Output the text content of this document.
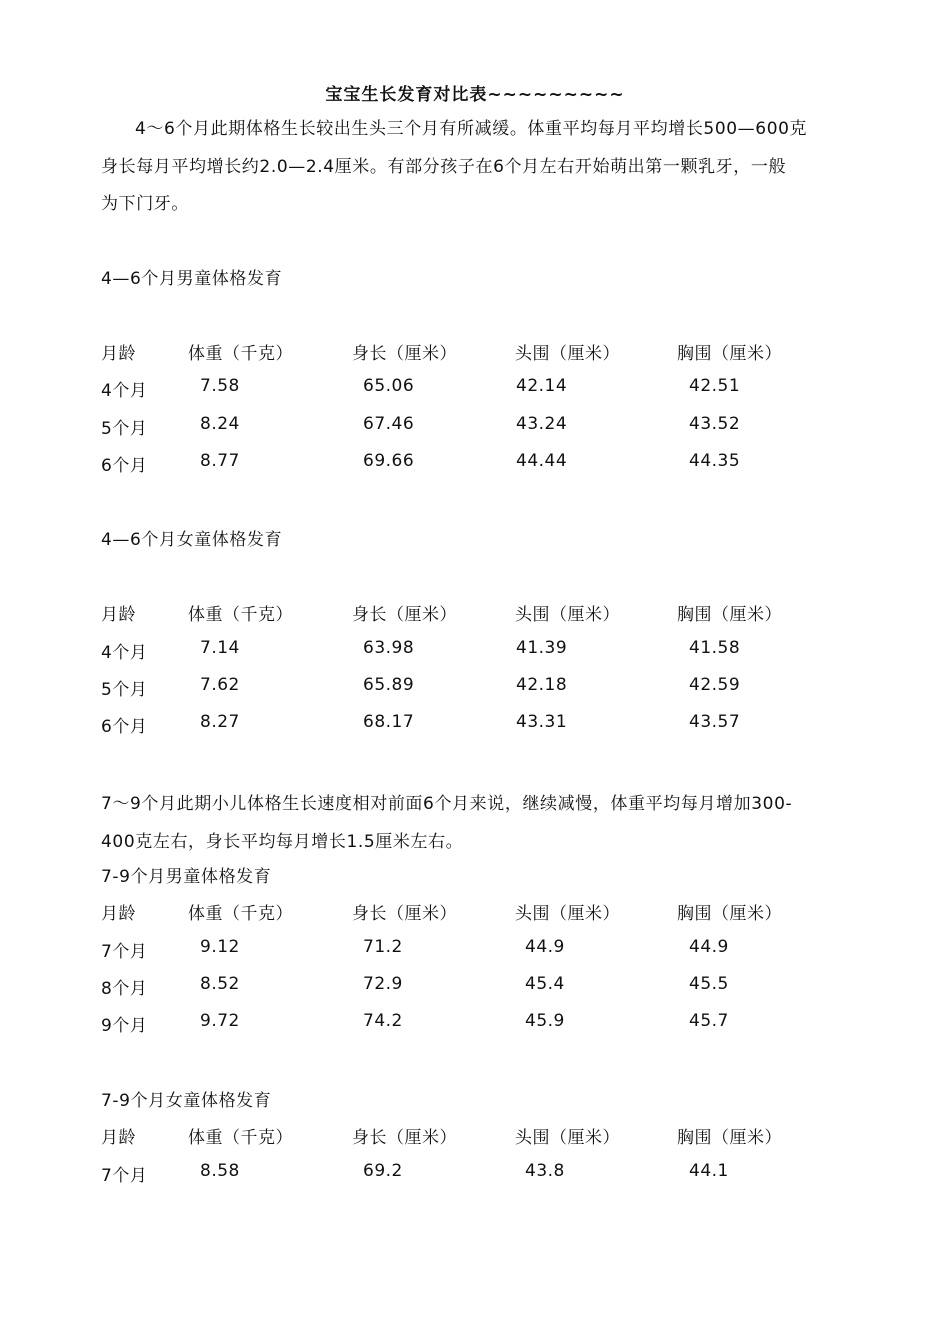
宝宝生长发育对比表~~~~~~~~~
4～6个月此期体格生长较出生头三个月有所减缓。体重平均每月平均增长500—600克
身长每月平均增长约2.0—2.4厘米。有部分孩子在6个月左右开始萌出第一颗乳牙，一般
为下门牙。
4—6个月男童体格发育
月龄	体重（千克）	身长（厘米）	头围（厘米）	胸围（厘米）
4个月	7.58	65.06	42.14	42.51
5个月	8.24	67.46	43.24	43.52
6个月	8.77	69.66	44.44	44.35
4—6个月女童体格发育
月龄	体重（千克）	身长（厘米）	头围（厘米）	胸围（厘米）
4个月	7.14	63.98	41.39	41.58
5个月	7.62	65.89	42.18	42.59
6个月	8.27	68.17	43.31	43.57
7～9个月此期小儿体格生长速度相对前面6个月来说，继续减慢，体重平均每月增加300-
400克左右，身长平均每月增长1.5厘米左右。
7-9个月男童体格发育
月龄	体重（千克）	身长（厘米）	头围（厘米）	胸围（厘米）
7个月	9.12	71.2	44.9	44.9
8个月	8.52	72.9	45.4	45.5
9个月	9.72	74.2	45.9	45.7
7-9个月女童体格发育
月龄	体重（千克）	身长（厘米）	头围（厘米）	胸围（厘米）
7个月	8.58	69.2	43.8	44.1
